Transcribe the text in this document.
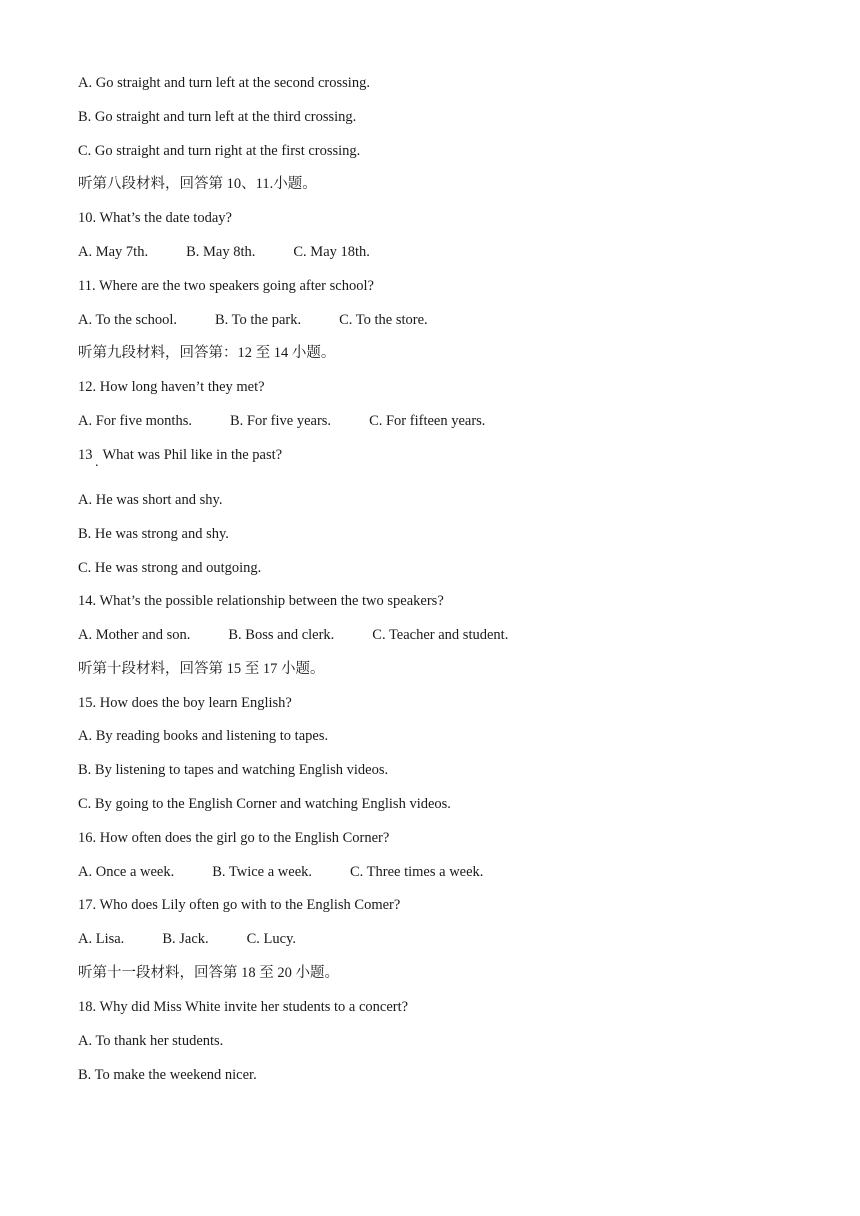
A. Go straight and turn left at the second crossing.
B. Go straight and turn left at the third crossing.
C. Go straight and turn right at the first crossing.
听第八段材料，回答第 10、11.小题。
10. What’s the date today?
A. May 7th.	B. May 8th.	C. May 18th.
11. Where are the two speakers going after school?
A. To the school.	B. To the park.	C. To the store.
听第九段材料，回答第：12 至 14 小题。
12. How long haven’t they met?
A. For five months.	B. For five years.	C. For fifteen years.
13 . What was Phil like in the past?
A. He was short and shy.
B. He was strong and shy.
C. He was strong and outgoing.
14. What’s the possible relationship between the two speakers?
A. Mother and son.	B. Boss and clerk.	C. Teacher and student.
听第十段材料，回答第 15 至 17 小题。
15. How does the boy learn English?
A. By reading books and listening to tapes.
B. By listening to tapes and watching English videos.
C. By going to the English Corner and watching English videos.
16. How often does the girl go to the English Corner?
A. Once a week.	B. Twice a week.	C. Three times a week.
17. Who does Lily often go with to the English Comer?
A. Lisa.	B. Jack.	C. Lucy.
听第十一段材料，回答第 18 至 20 小题。
18. Why did Miss White invite her students to a concert?
A. To thank her students.
B. To make the weekend nicer.
